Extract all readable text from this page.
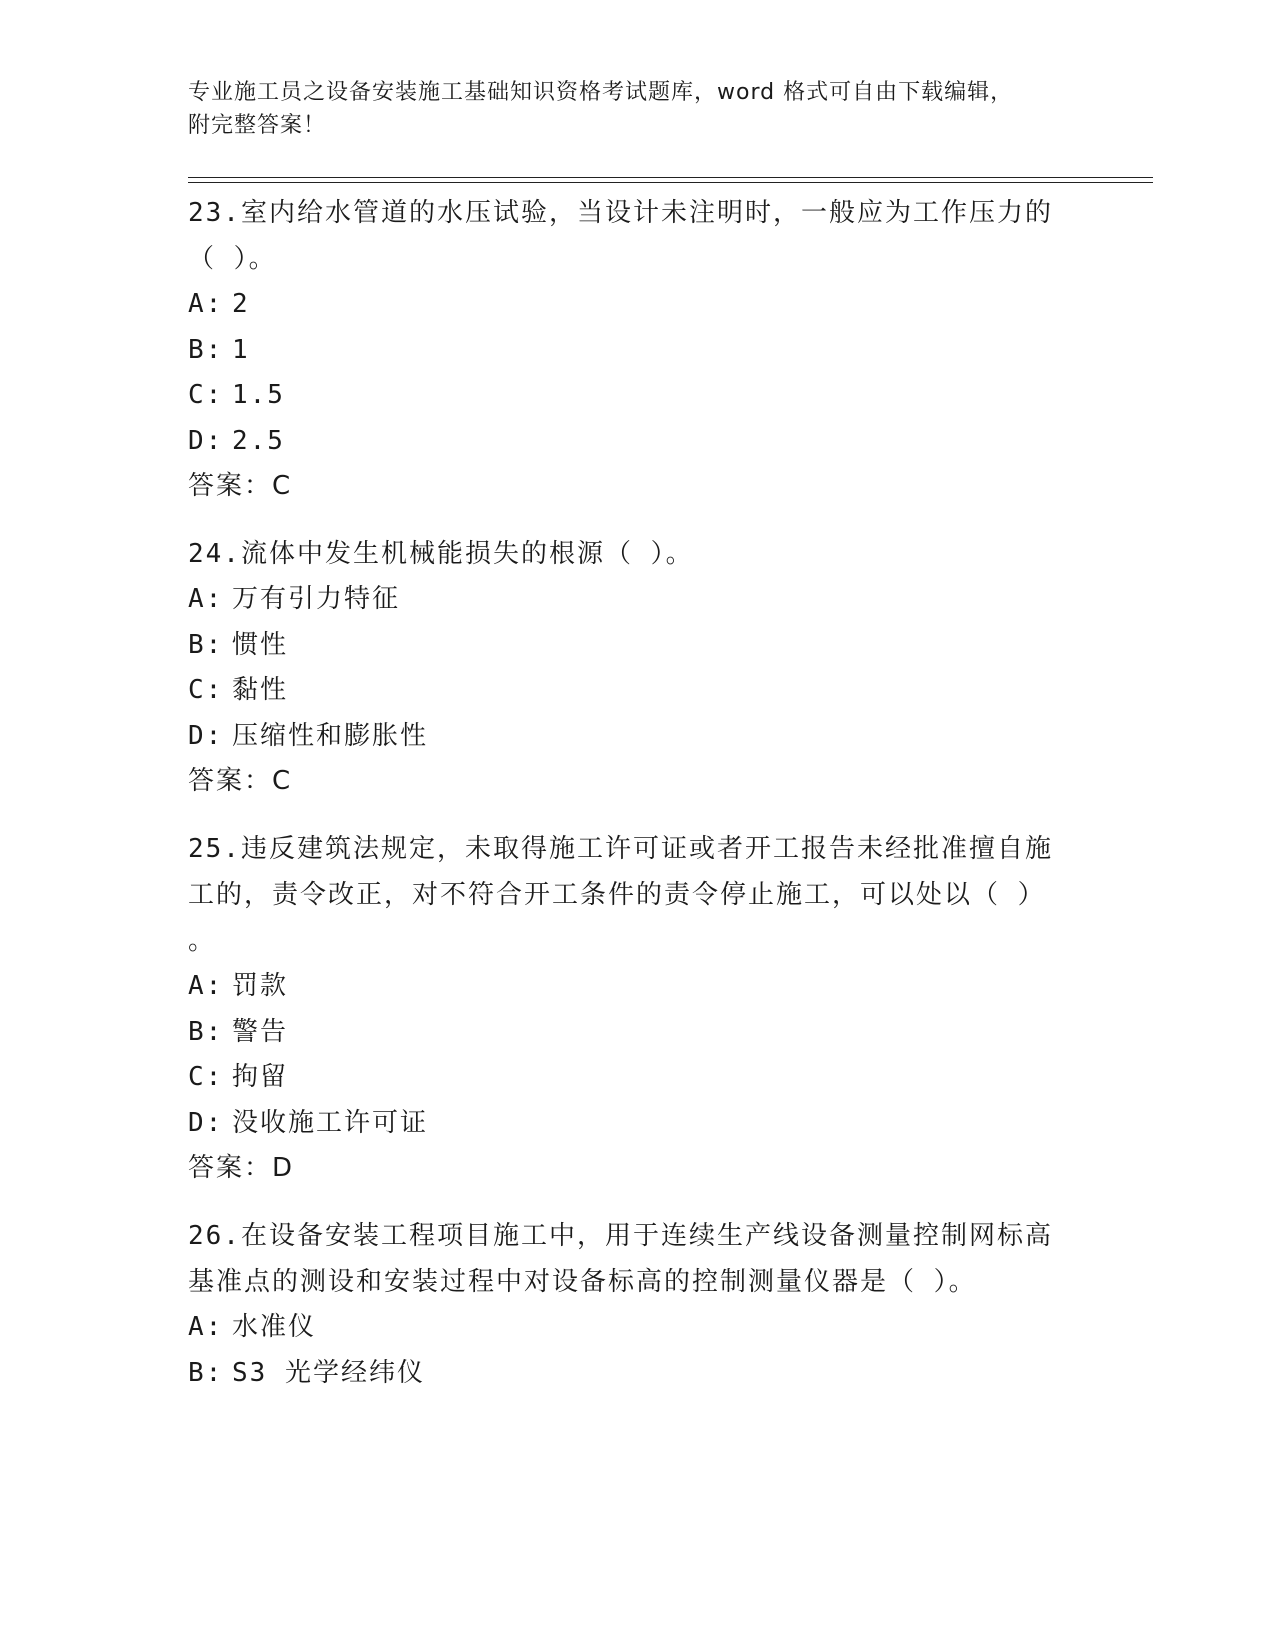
专业施工员之设备安装施工基础知识资格考试题库，word 格式可自由下载编辑，
附完整答案！

23.室内给水管道的水压试验，当设计未注明时，一般应为工作压力的
（ ）。

A: 2

B: 1

C: 1.5

D: 2.5

答案：C

24.流体中发生机械能损失的根源（ ）。

A: 万有引力特征

B: 惯性

C: 黏性

D: 压缩性和膨胀性

答案：C

25.违反建筑法规定，未取得施工许可证或者开工报告未经批准擅自施
工的，责令改正，对不符合开工条件的责令停止施工，可以处以（ ）
。

A: 罚款

B: 警告

C: 拘留

D: 没收施工许可证

答案：D

26.在设备安装工程项目施工中，用于连续生产线设备测量控制网标高
基准点的测设和安装过程中对设备标高的控制测量仪器是（ ）。

A: 水准仪

B: S3 光学经纬仪
